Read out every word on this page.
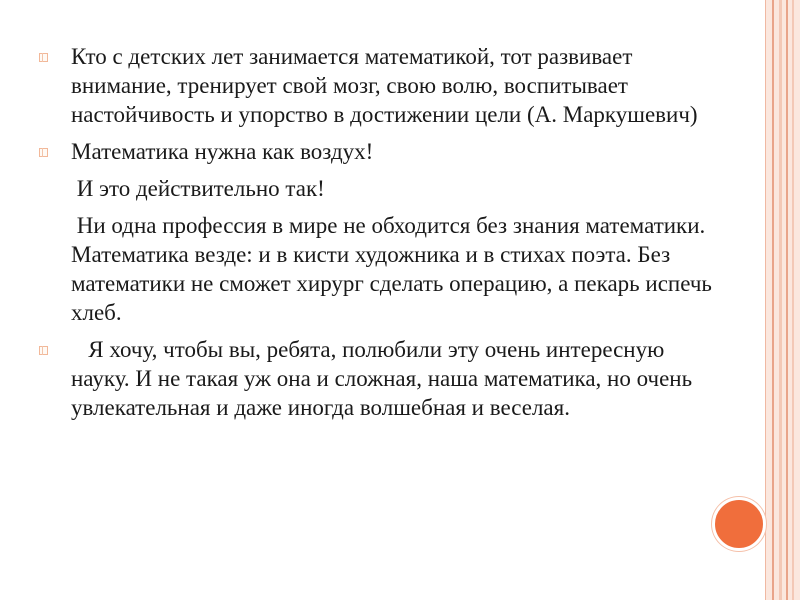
Кто с детских лет занимается математикой, тот развивает внимание, тренирует свой мозг, свою волю, воспитывает настойчивость и упорство в достижении цели (А. Маркушевич)
Математика нужна как воздух!
И это действительно так!
Ни одна профессия в мире не обходится без знания математики. Математика везде: и в кисти художника и в стихах поэта. Без математики не сможет хирург сделать операцию, а пекарь испечь хлеб.
Я хочу, чтобы вы, ребята, полюбили эту очень интересную науку. И не такая уж она и сложная, наша математика, но очень увлекательная и даже иногда волшебная и веселая.
